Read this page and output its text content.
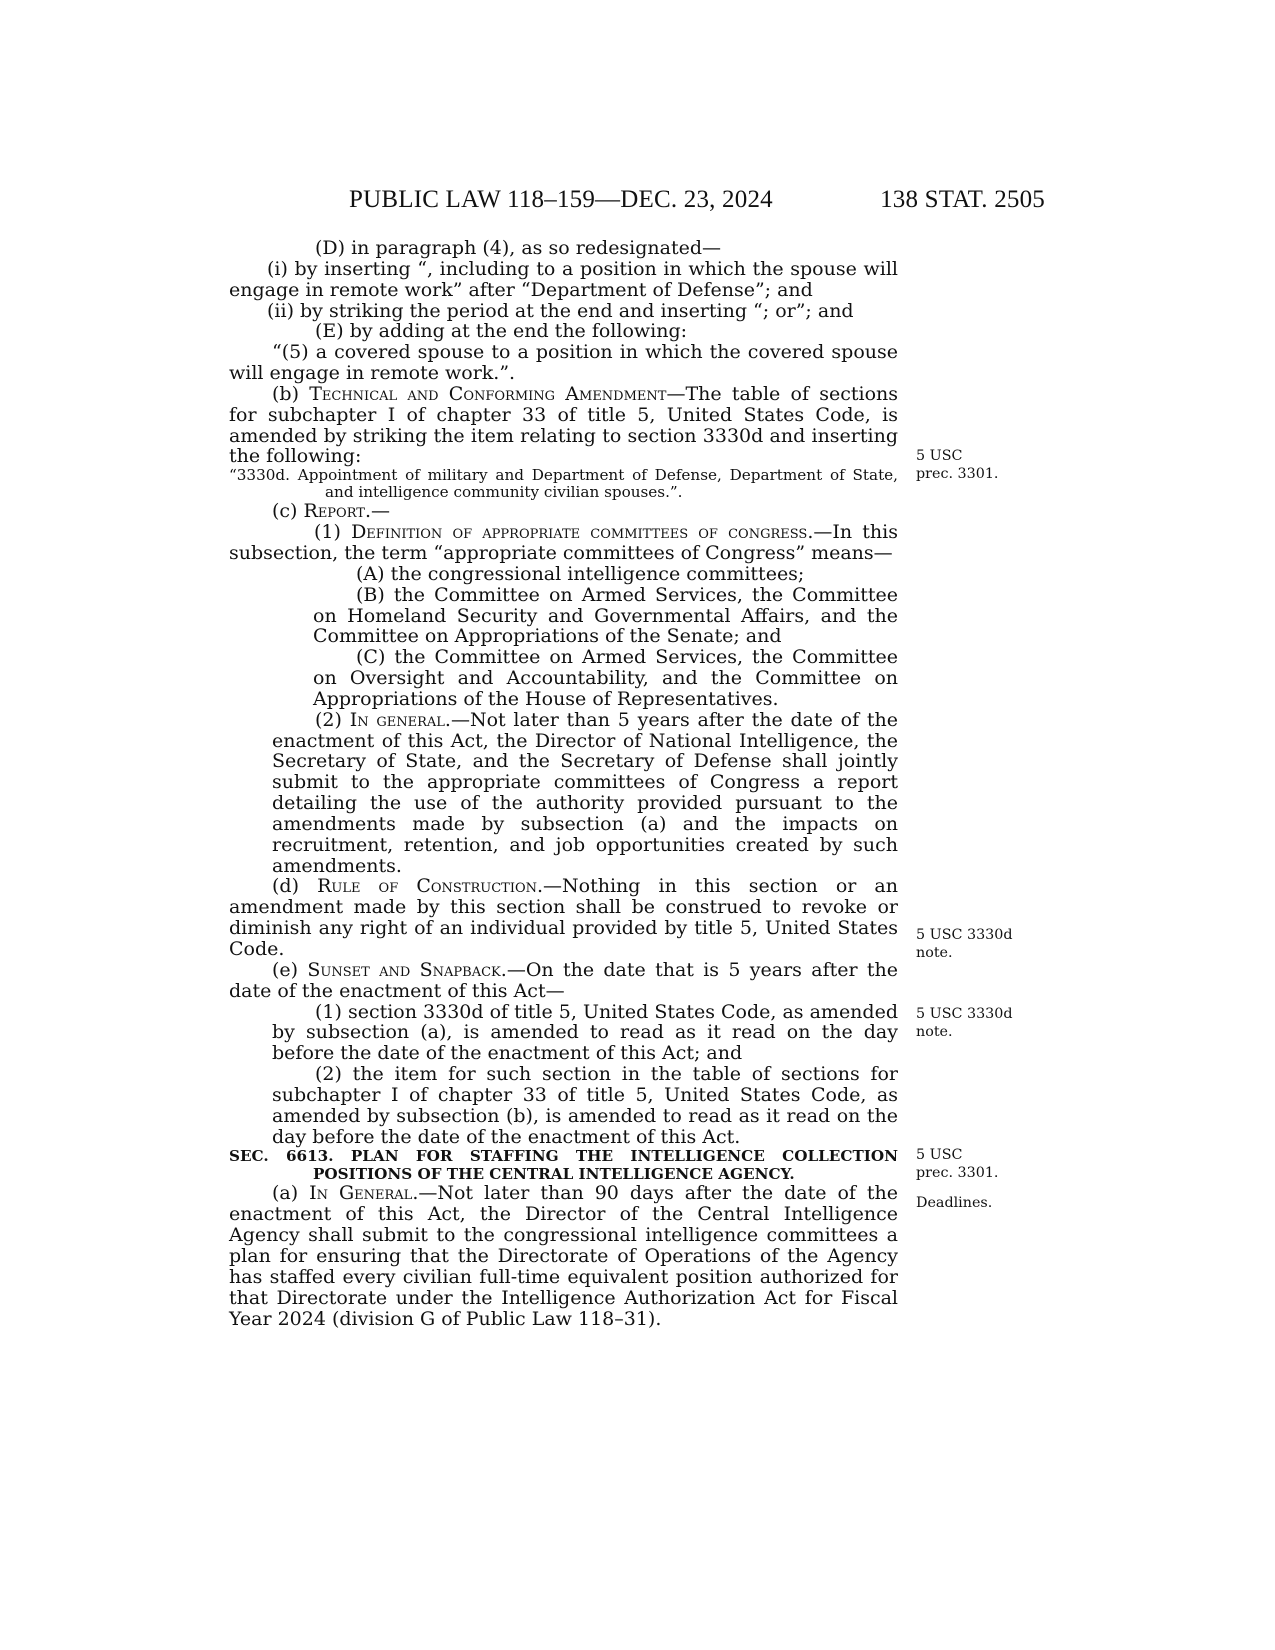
PUBLIC LAW 118–159—DEC. 23, 2024	138 STAT. 2505

(D) in paragraph (4), as so redesignated—

(i) by inserting “, including to a position in which the spouse will engage in remote work” after “Department of Defense”; and

(ii) by striking the period at the end and inserting “; or”; and

(E) by adding at the end the following:

“(5) a covered spouse to a position in which the covered spouse will engage in remote work.”.

(b) Technical and Conforming Amendment—The table of sections for subchapter I of chapter 33 of title 5, United States Code, is amended by striking the item relating to section 3330d and inserting the following:

“3330d. Appointment of military and Department of Defense, Department of State, and intelligence community civilian spouses.”.

(c) Report.—

(1) Definition of appropriate committees of congress.—In this subsection, the term “appropriate committees of Congress” means—

(A) the congressional intelligence committees;

(B) the Committee on Armed Services, the Committee on Homeland Security and Governmental Affairs, and the Committee on Appropriations of the Senate; and

(C) the Committee on Armed Services, the Committee on Oversight and Accountability, and the Committee on Appropriations of the House of Representatives.

(2) In general.—Not later than 5 years after the date of the enactment of this Act, the Director of National Intelligence, the Secretary of State, and the Secretary of Defense shall jointly submit to the appropriate committees of Congress a report detailing the use of the authority provided pursuant to the amendments made by subsection (a) and the impacts on recruitment, retention, and job opportunities created by such amendments.

(d) Rule of Construction.—Nothing in this section or an amendment made by this section shall be construed to revoke or diminish any right of an individual provided by title 5, United States Code.

(e) Sunset and Snapback.—On the date that is 5 years after the date of the enactment of this Act—

(1) section 3330d of title 5, United States Code, as amended by subsection (a), is amended to read as it read on the day before the date of the enactment of this Act; and

(2) the item for such section in the table of sections for subchapter I of chapter 33 of title 5, United States Code, as amended by subsection (b), is amended to read as it read on the day before the date of the enactment of this Act.

SEC. 6613. PLAN FOR STAFFING THE INTELLIGENCE COLLECTION POSITIONS OF THE CENTRAL INTELLIGENCE AGENCY.

(a) In General.—Not later than 90 days after the date of the enactment of this Act, the Director of the Central Intelligence Agency shall submit to the congressional intelligence committees a plan for ensuring that the Directorate of Operations of the Agency has staffed every civilian full-time equivalent position authorized for that Directorate under the Intelligence Authorization Act for Fiscal Year 2024 (division G of Public Law 118–31).

5 USC
prec. 3301.
5 USC 3330d
note.
5 USC 3330d
note.
5 USC
prec. 3301.
Deadlines.
